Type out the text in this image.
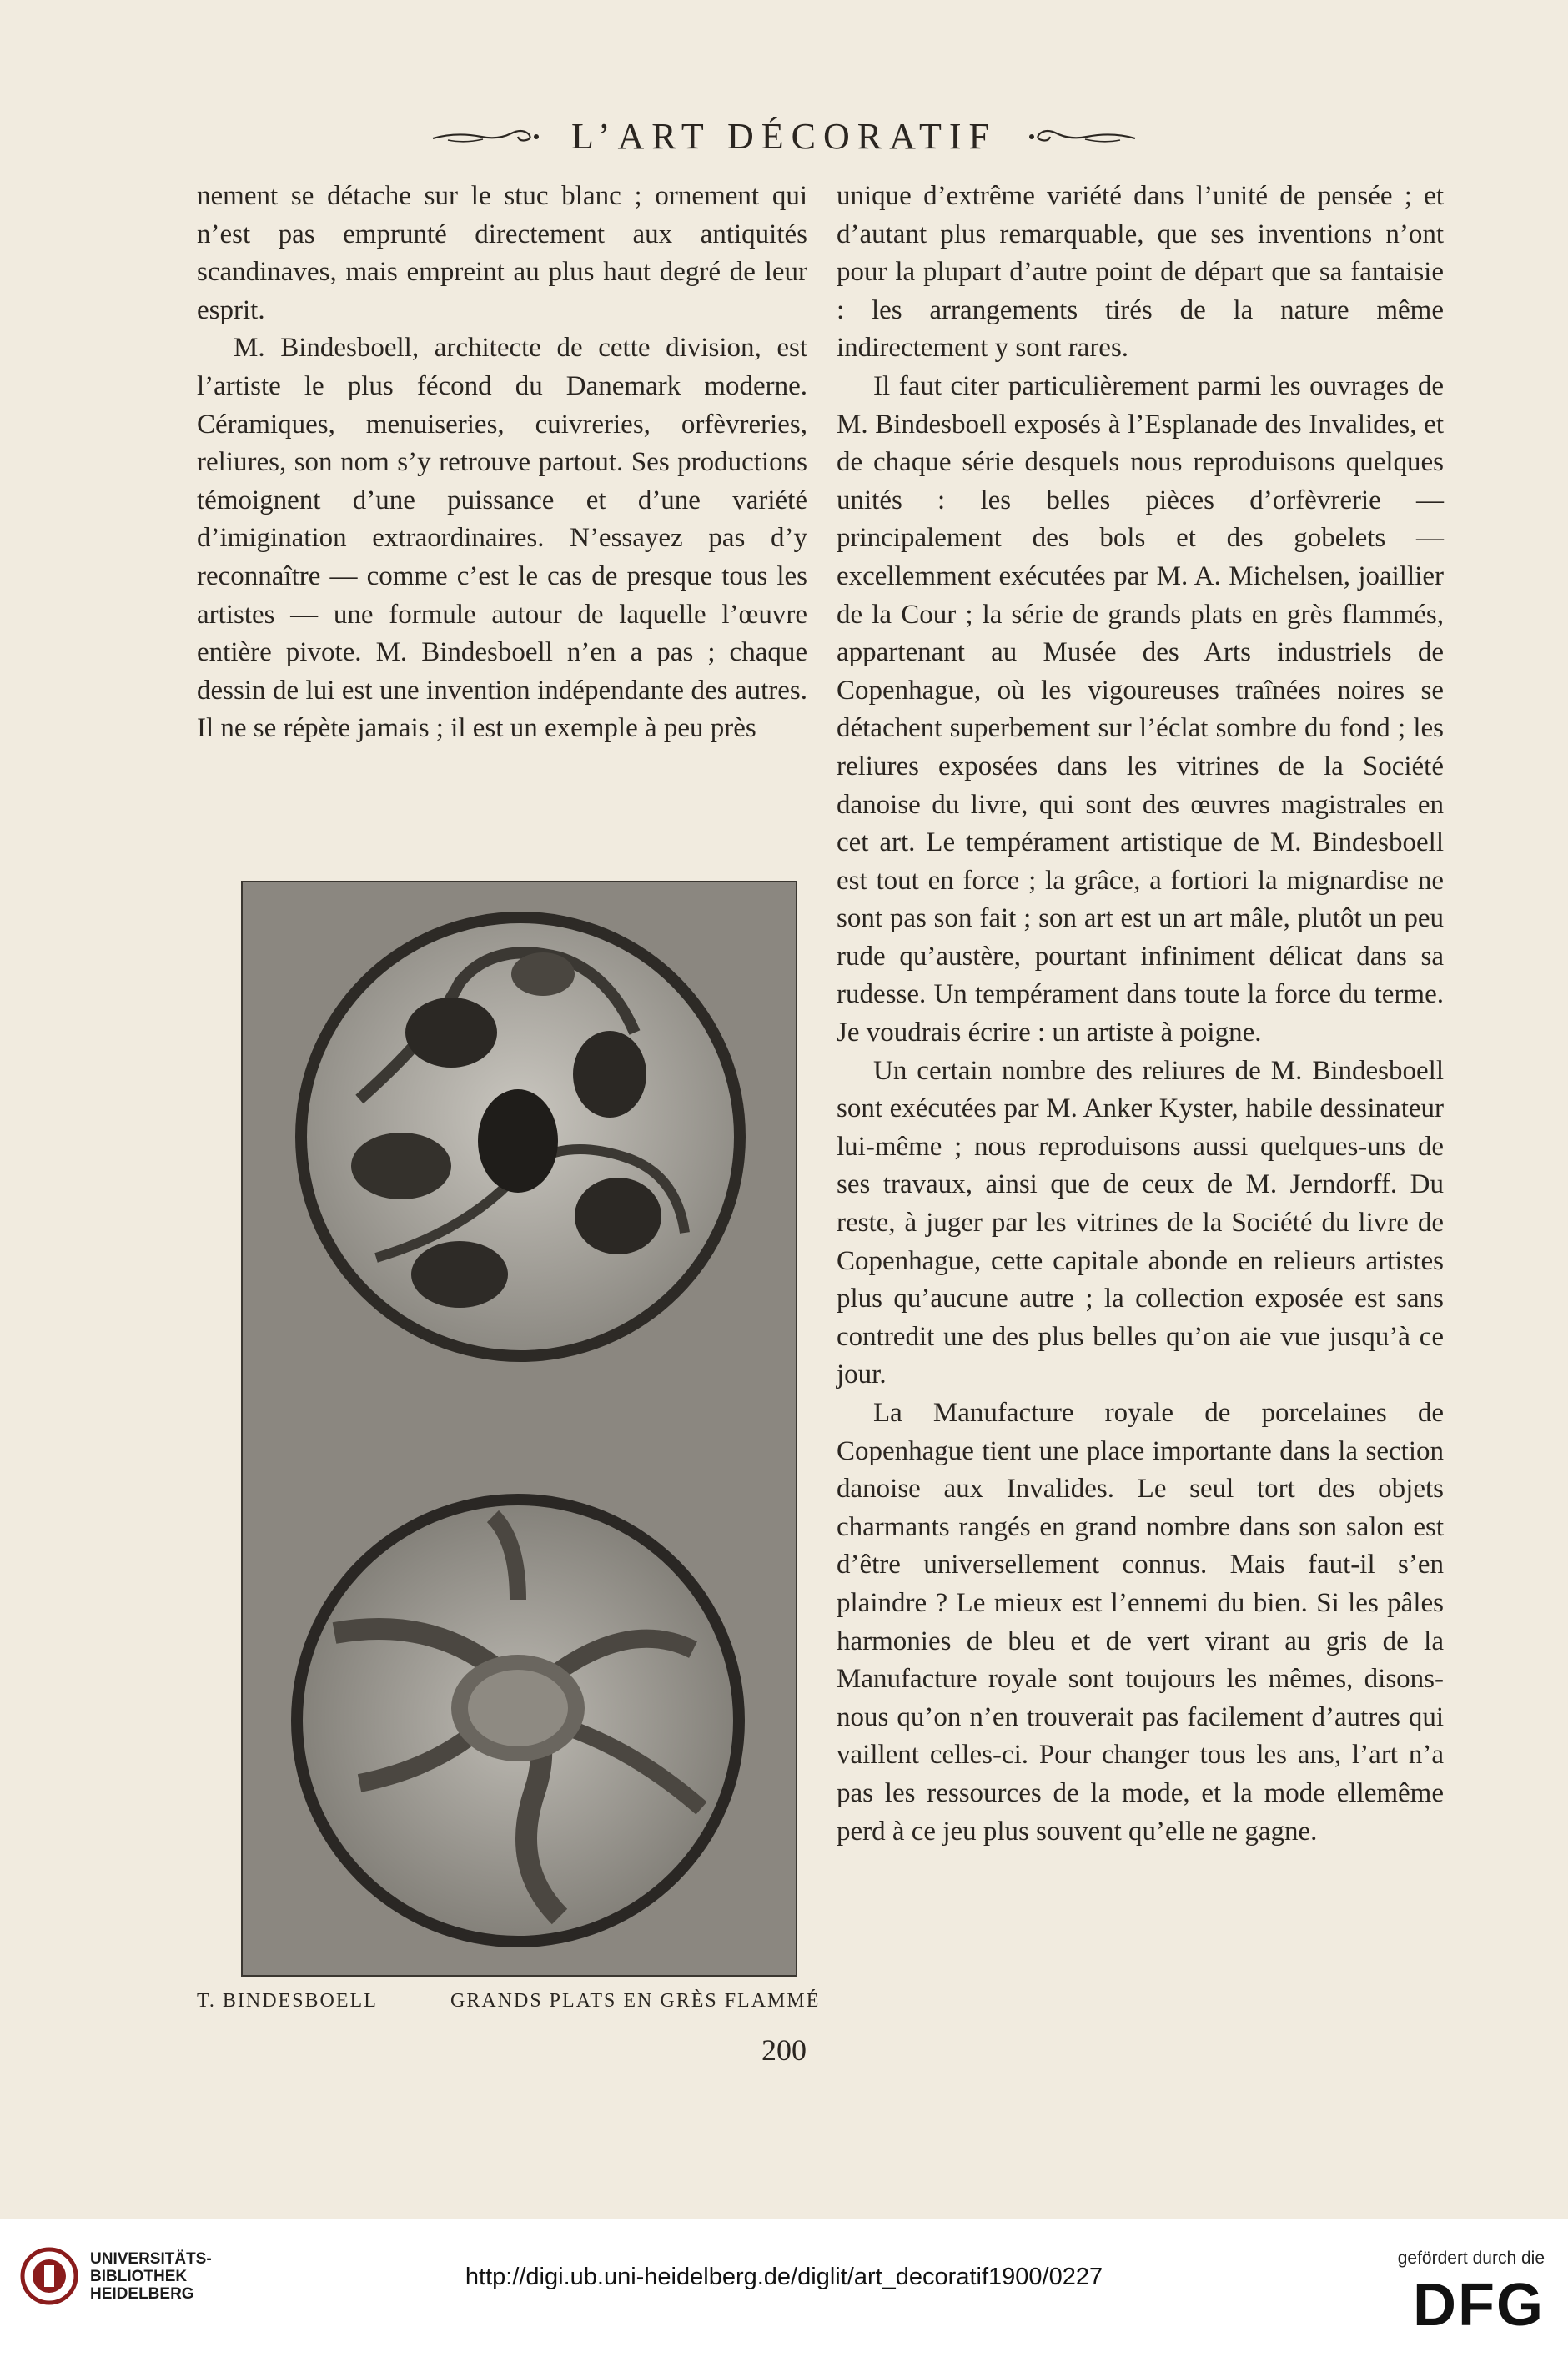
L’ART DÉCORATIF

nement se détache sur le stuc blanc ; ornement qui n’est pas emprunté directement aux antiquités scandinaves, mais empreint au plus haut degré de leur esprit.

M. Bindesboell, architecte de cette division, est l’artiste le plus fécond du Danemark moderne. Céramiques, menuiseries, cuivreries, orfèvreries, reliures, son nom s’y retrouve partout. Ses productions témoignent d’une puissance et d’une variété d’imigination extraordinaires. N’essayez pas d’y reconnaître — comme c’est le cas de presque tous les artistes — une formule autour de laquelle l’œuvre entière pivote. M. Bindesboell n’en a pas ; chaque dessin de lui est une invention indépendante des autres. Il ne se répète jamais ; il est un exemple à peu près

unique d’extrême variété dans l’unité de pensée ; et d’autant plus remarquable, que ses inventions n’ont pour la plupart d’autre point de départ que sa fantaisie : les arrangements tirés de la nature même indirectement y sont rares.

Il faut citer particulièrement parmi les ouvrages de M. Bindesboell exposés à l’Esplanade des Invalides, et de chaque série desquels nous reproduisons quelques unités : les belles pièces d’orfèvrerie — principalement des bols et des gobelets — excellemment exécutées par M. A. Michelsen, joaillier de la Cour ; la série de grands plats en grès flammés, appartenant au Musée des Arts industriels de Copenhague, où les vigoureuses traînées noires se détachent superbement sur l’éclat sombre du fond ; les reliures exposées dans les vitrines de la Société danoise du livre, qui sont des œuvres magistrales en cet art. Le tempérament artistique de M. Bindesboell est tout en force ; la grâce, a fortiori la mignardise ne sont pas son fait ; son art est un art mâle, plutôt un peu rude qu’austère, pourtant infiniment délicat dans sa rudesse. Un tempérament dans toute la force du terme. Je voudrais écrire : un artiste à poigne.

Un certain nombre des reliures de M. Bindesboell sont exécutées par M. Anker Kyster, habile dessinateur lui-même ; nous reproduisons aussi quelques-uns de ses travaux, ainsi que de ceux de M. Jerndorff. Du reste, à juger par les vitrines de la Société du livre de Copenhague, cette capitale abonde en relieurs artistes plus qu’aucune autre ; la collection exposée est sans contredit une des plus belles qu’on aie vue jusqu’à ce jour.

La Manufacture royale de porcelaines de Copenhague tient une place importante dans la section danoise aux Invalides. Le seul tort des objets charmants rangés en grand nombre dans son salon est d’être universellement connus. Mais faut-il s’en plaindre ? Le mieux est l’ennemi du bien. Si les pâles harmonies de bleu et de vert virant au gris de la Manufacture royale sont toujours les mêmes, disons-nous qu’on n’en trouverait pas facilement d’autres qui vaillent celles-ci. Pour changer tous les ans, l’art n’a pas les ressources de la mode, et la mode ellemême perd à ce jeu plus souvent qu’elle ne gagne.

T. BINDESBOELL	GRANDS PLATS EN GRÈS FLAMMÉ
200
UNIVERSITÄTS-
BIBLIOTHEK
HEIDELBERG
http://digi.ub.uni-heidelberg.de/diglit/art_decoratif1900/0227
gefördert durch die
DFG
